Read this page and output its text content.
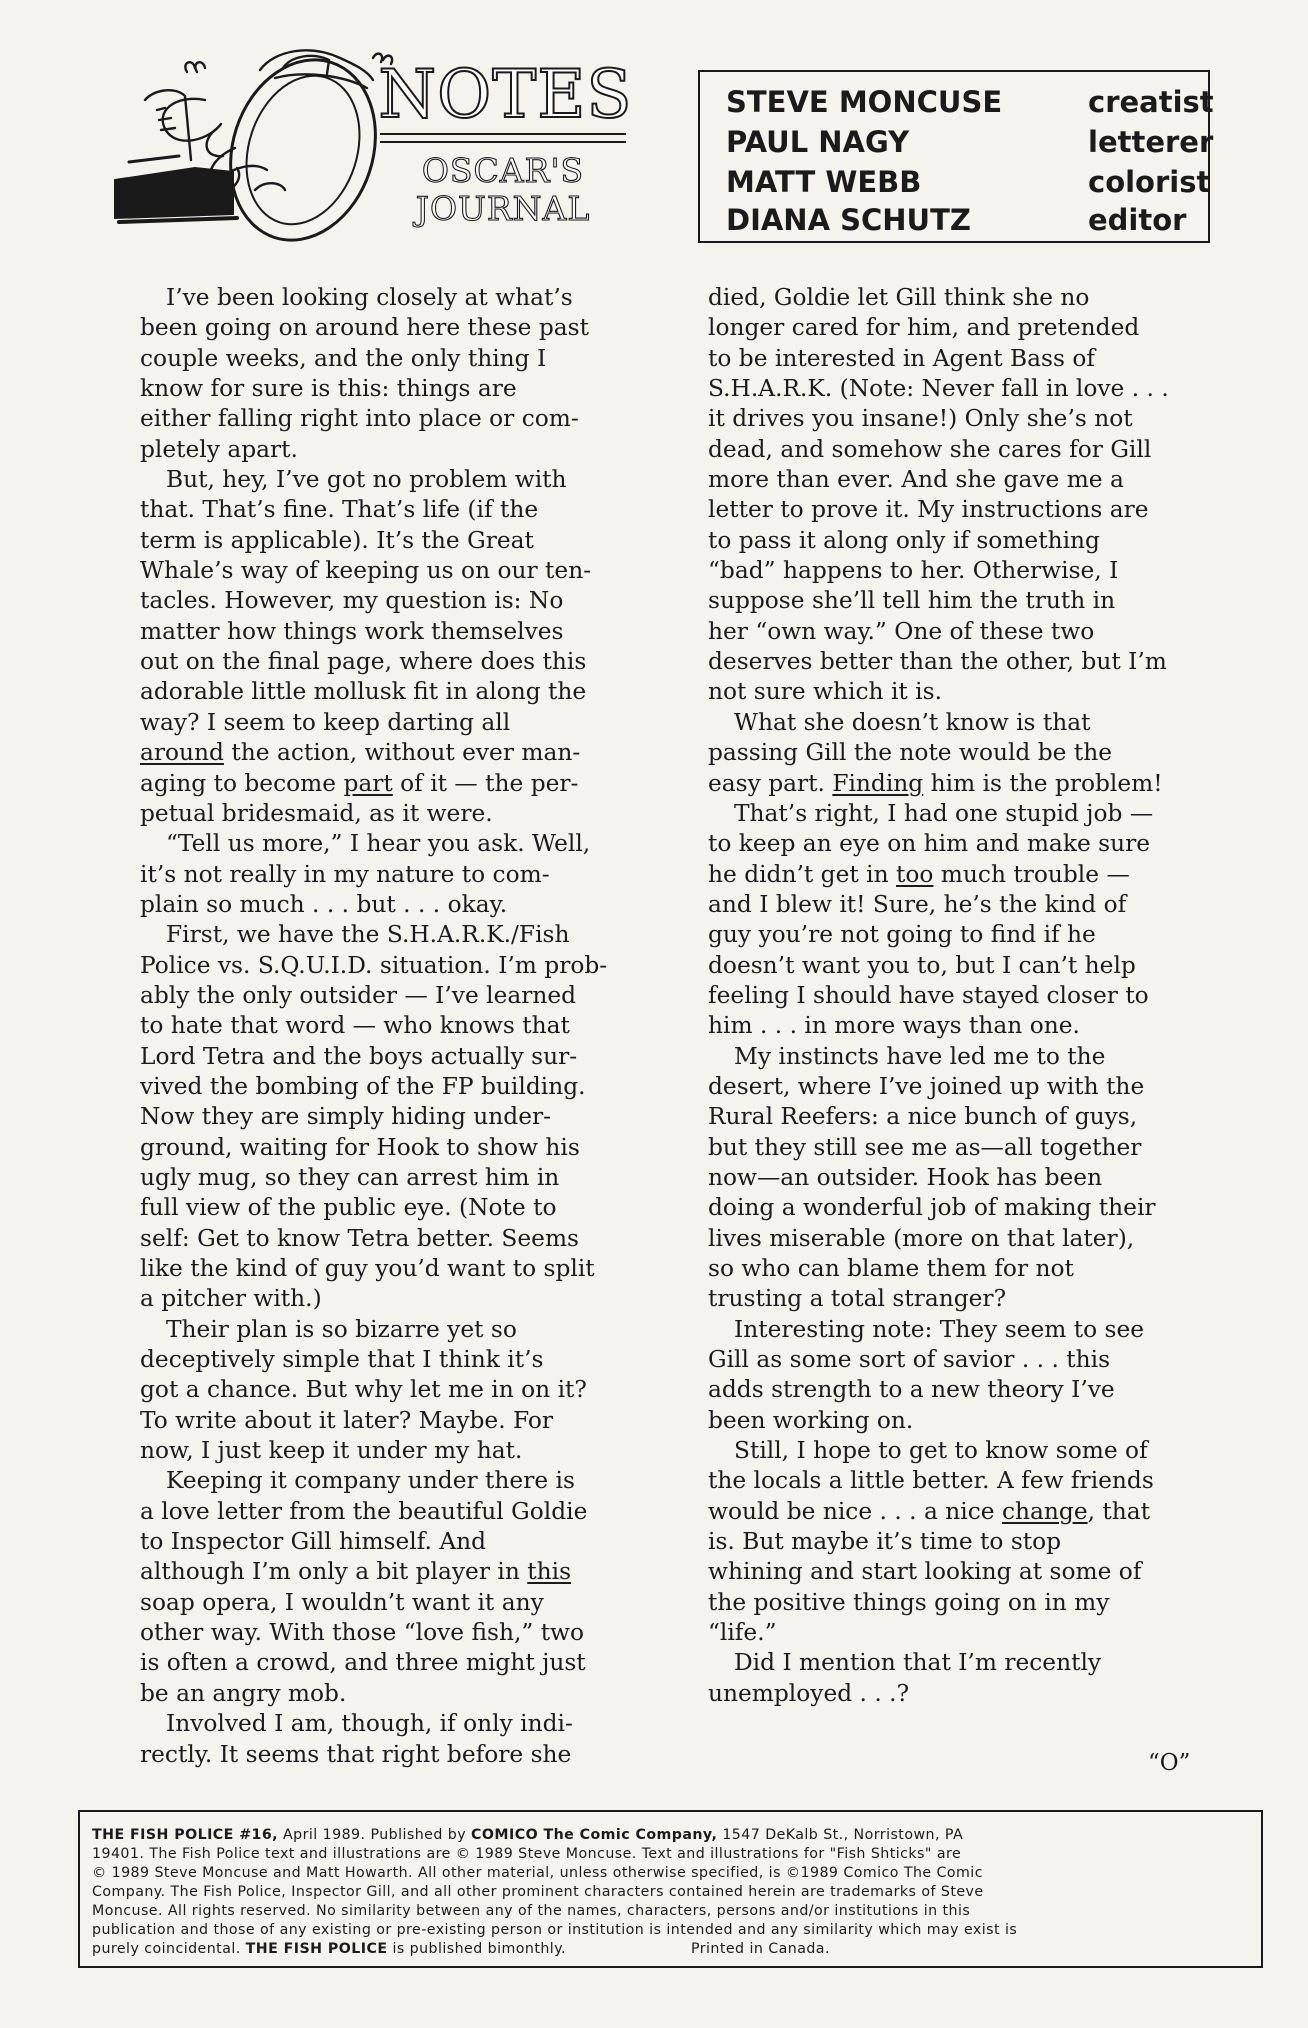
NOTES
OSCAR'S
JOURNAL
STEVE MONCUSE	creatist
PAUL NAGY	letterer
MATT WEBB	colorist
DIANA SCHUTZ	editor
I’ve been looking closely at what’s
been going on around here these past
couple weeks, and the only thing I
know for sure is this: things are
either falling right into place or com-
pletely apart.
But, hey, I’ve got no problem with
that. That’s fine. That’s life (if the
term is applicable). It’s the Great
Whale’s way of keeping us on our ten-
tacles. However, my question is: No
matter how things work themselves
out on the final page, where does this
adorable little mollusk fit in along the
way? I seem to keep darting all
around the action, without ever man-
aging to become part of it — the per-
petual bridesmaid, as it were.
“Tell us more,” I hear you ask. Well,
it’s not really in my nature to com-
plain so much . . . but . . . okay.
First, we have the S.H.A.R.K./Fish
Police vs. S.Q.U.I.D. situation. I’m prob-
ably the only outsider — I’ve learned
to hate that word — who knows that
Lord Tetra and the boys actually sur-
vived the bombing of the FP building.
Now they are simply hiding under-
ground, waiting for Hook to show his
ugly mug, so they can arrest him in
full view of the public eye. (Note to
self: Get to know Tetra better. Seems
like the kind of guy you’d want to split
a pitcher with.)
Their plan is so bizarre yet so
deceptively simple that I think it’s
got a chance. But why let me in on it?
To write about it later? Maybe. For
now, I just keep it under my hat.
Keeping it company under there is
a love letter from the beautiful Goldie
to Inspector Gill himself. And
although I’m only a bit player in this
soap opera, I wouldn’t want it any
other way. With those “love fish,” two
is often a crowd, and three might just
be an angry mob.
Involved I am, though, if only indi-
rectly. It seems that right before she
died, Goldie let Gill think she no
longer cared for him, and pretended
to be interested in Agent Bass of
S.H.A.R.K. (Note: Never fall in love . . .
it drives you insane!) Only she’s not
dead, and somehow she cares for Gill
more than ever. And she gave me a
letter to prove it. My instructions are
to pass it along only if something
“bad” happens to her. Otherwise, I
suppose she’ll tell him the truth in
her “own way.” One of these two
deserves better than the other, but I’m
not sure which it is.
What she doesn’t know is that
passing Gill the note would be the
easy part. Finding him is the problem!
That’s right, I had one stupid job —
to keep an eye on him and make sure
he didn’t get in too much trouble —
and I blew it! Sure, he’s the kind of
guy you’re not going to find if he
doesn’t want you to, but I can’t help
feeling I should have stayed closer to
him . . . in more ways than one.
My instincts have led me to the
desert, where I’ve joined up with the
Rural Reefers: a nice bunch of guys,
but they still see me as—all together
now—an outsider. Hook has been
doing a wonderful job of making their
lives miserable (more on that later),
so who can blame them for not
trusting a total stranger?
Interesting note: They seem to see
Gill as some sort of savior . . . this
adds strength to a new theory I’ve
been working on.
Still, I hope to get to know some of
the locals a little better. A few friends
would be nice . . . a nice change, that
is. But maybe it’s time to stop
whining and start looking at some of
the positive things going on in my
“life.”
Did I mention that I’m recently
unemployed . . .?
“O”
THE FISH POLICE #16, April 1989. Published by COMICO The Comic Company, 1547 DeKalb St., Norristown, PA
19401. The Fish Police text and illustrations are © 1989 Steve Moncuse. Text and illustrations for "Fish Shticks" are
© 1989 Steve Moncuse and Matt Howarth. All other material, unless otherwise specified, is ©1989 Comico The Comic
Company. The Fish Police, Inspector Gill, and all other prominent characters contained herein are trademarks of Steve
Moncuse. All rights reserved. No similarity between any of the names, characters, persons and/or institutions in this
publication and those of any existing or pre-existing person or institution is intended and any similarity which may exist is
purely coincidental. THE FISH POLICE is published bimonthly.	Printed in Canada.
